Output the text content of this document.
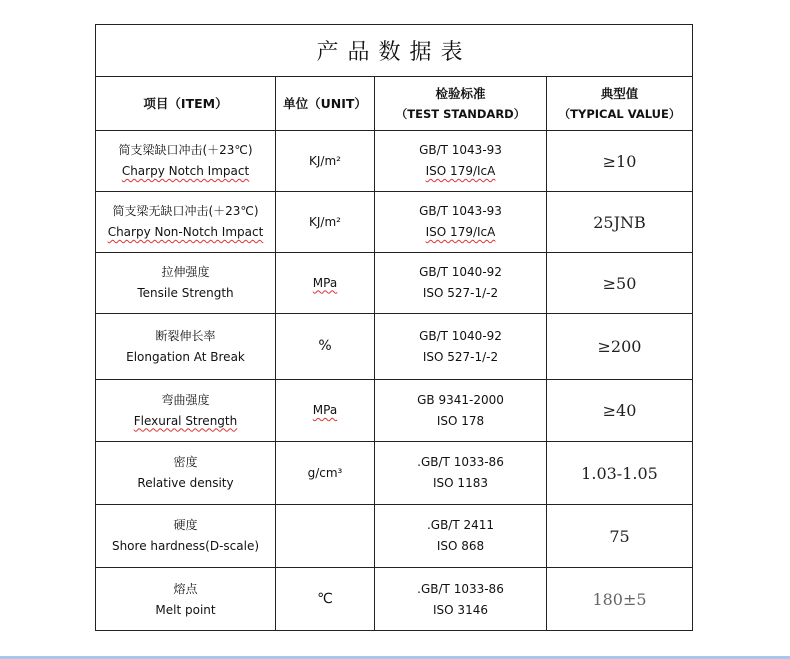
产品数据表
项目（ITEM）	单位（UNIT）
检验标准
（TEST STANDARD）
典型值
（TYPICAL VALUE）
简支梁缺口冲击(＋23℃)
Charpy Notch Impact
KJ/m²
GB/T 1043-93
ISO 179/IcA
≥10
简支梁无缺口冲击(＋23℃)
Charpy Non-Notch Impact
KJ/m²
GB/T 1043-93
ISO 179/IcA
25JNB
拉伸强度
Tensile Strength
MPa
GB/T 1040-92
ISO 527-1/-2
≥50
断裂伸长率
Elongation At Break
%
GB/T 1040-92
ISO 527-1/-2
≥200
弯曲强度
Flexural Strength
MPa
GB 9341-2000
ISO 178
≥40
密度
Relative density
g/cm³
.GB/T 1033-86
ISO 1183
1.03-1.05
硬度
Shore hardness(D-scale)
.GB/T 2411
ISO 868
75
熔点
Melt point
℃
.GB/T 1033-86
ISO 3146
180±5
